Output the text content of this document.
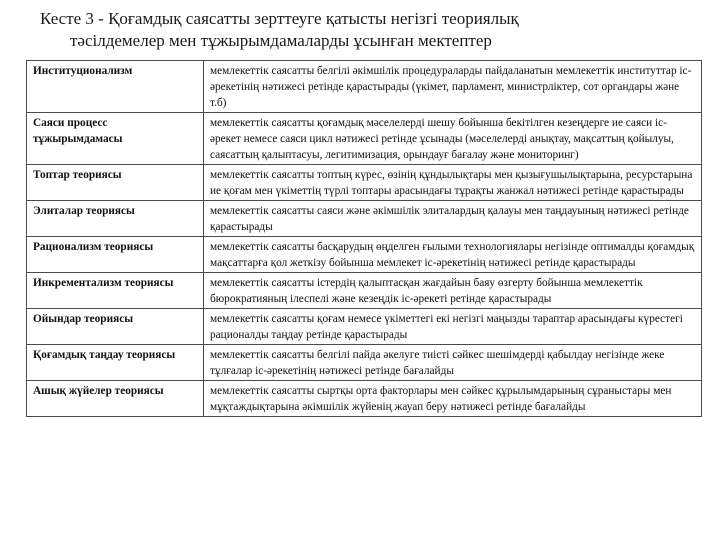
Кесте 3 - Қоғамдық саясатты зерттеуге қатысты негізгі теориялық
тәсілдемелер мен тұжырымдамаларды ұсынған мектептер
Институционализм	мемлекеттік саясатты белгілі әкімшілік процедураларды пайдаланатын мемлекеттік институттар іс-әрекетінің нәтижесі ретінде қарастырады (үкімет, парламент, министрліктер, сот органдары және т.б)
Саяси процесс тұжырымдамасы	мемлекеттік саясатты қоғамдық мәселелерді шешу бойынша бекітілген кезеңдерге ие саяси іс-әрекет немесе саяси цикл нәтижесі ретінде ұсынады (мәселелерді анықтау, мақсаттың қойылуы, саясаттың қалыптасуы, легитимизация, орындауғ бағалау және мониторинг)
Топтар теориясы	мемлекеттік саясатты топтың күрес, өзінің құндылықтары мен қызығушылықтарына, ресурстарына ие қоғам мен үкіметтің түрлі топтары арасындағы тұрақты жанжал нәтижесі ретінде қарастырады
Элиталар теориясы	мемлекеттік саясатты саяси және әкімшілік элиталардың қалауы мен таңдауының нәтижесі ретінде қарастырады
Рационализм теориясы	мемлекеттік саясатты басқарудың өңделген ғылыми технологиялары негізінде оптималды қоғамдық мақсаттарға қол жеткізу бойынша мемлекет іс-әрекетінің нәтижесі ретінде қарастырады
Инкрементализм теориясы	мемлекеттік саясатты істердің қалыптасқан жағдайын баяу өзгерту бойынша мемлекеттік бюрократияның ілеспелі және кезеңдік іс-әрекеті ретінде қарастырады
Ойындар теориясы	мемлекеттік саясатты қоғам немесе үкіметтегі екі негізгі маңызды тараптар арасындағы күрестегі рационалды таңдау ретінде қарастырады
Қоғамдық таңдау теориясы	мемлекеттік саясатты белгілі пайда әкелуге тиісті сәйкес шешімдерді қабылдау негізінде жеке тұлғалар іс-әрекетінің нәтижесі ретінде бағалайды
Ашық жүйелер теориясы	мемлекеттік саясатты сыртқы орта факторлары мен сәйкес құрылымдарының сұраныстары мен мұқтаждықтарына әкімшілік жүйенің жауап беру нәтижесі ретінде бағалайды
